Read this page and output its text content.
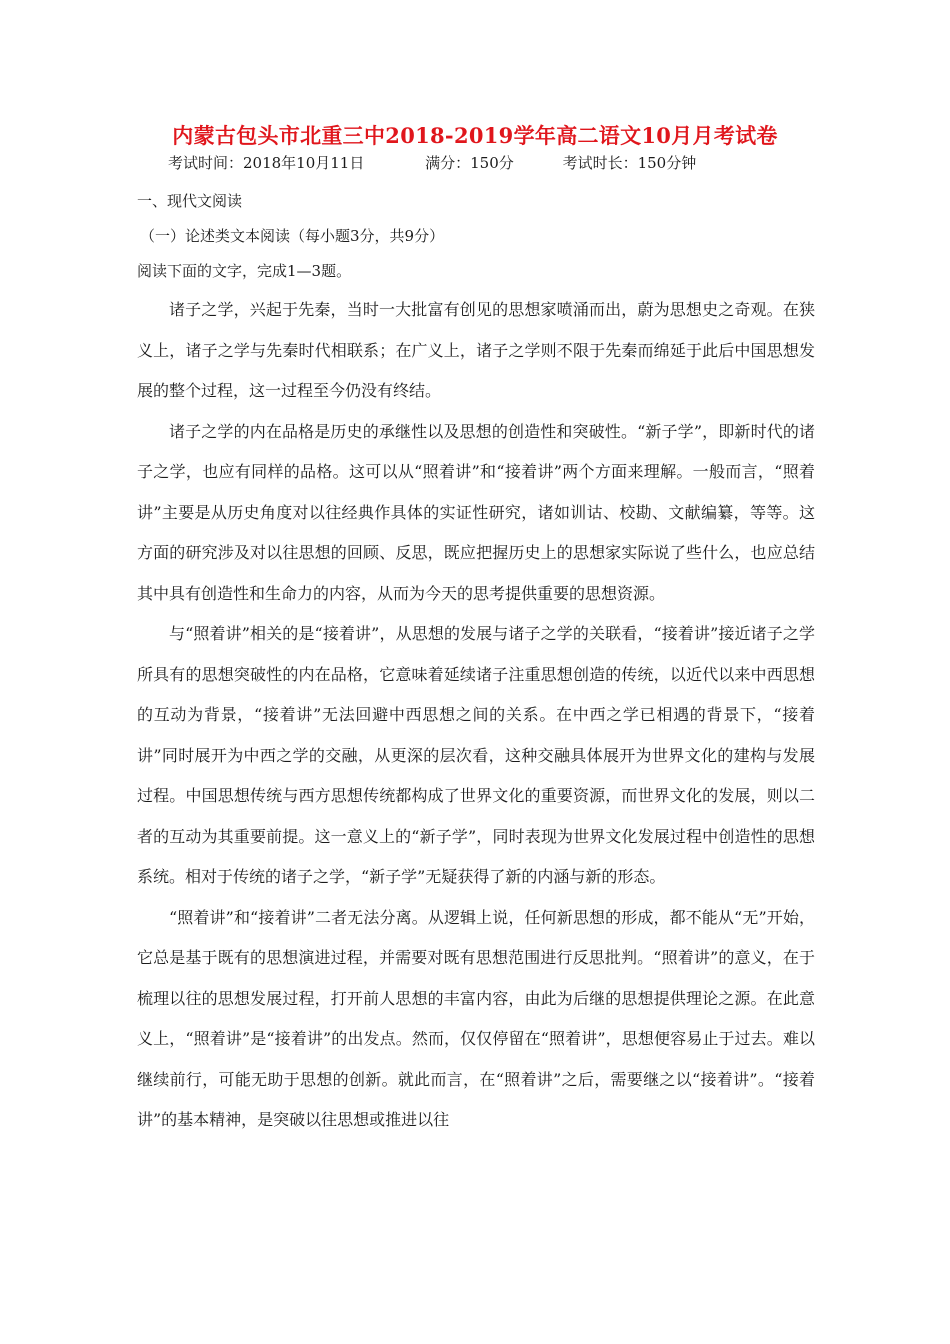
内蒙古包头市北重三中2018-2019学年高二语文10月月考试卷
考试时间：2018年10月11日	满分：150分	考试时长：150分钟
一、现代文阅读
（一）论述类文本阅读（每小题3分，共9分）
阅读下面的文字，完成1—3题。

诸子之学，兴起于先秦，当时一大批富有创见的思想家喷涌而出，蔚为思想史之奇观。在狭义上，诸子之学与先秦时代相联系；在广义上，诸子之学则不限于先秦而绵延于此后中国思想发展的整个过程，这一过程至今仍没有终结。

诸子之学的内在品格是历史的承继性以及思想的创造性和突破性。“新子学”，即新时代的诸子之学，也应有同样的品格。这可以从“照着讲”和“接着讲”两个方面来理解。一般而言，“照着讲”主要是从历史角度对以往经典作具体的实证性研究，诸如训诂、校勘、文献编纂，等等。这方面的研究涉及对以往思想的回顾、反思，既应把握历史上的思想家实际说了些什么，也应总结其中具有创造性和生命力的内容，从而为今天的思考提供重要的思想资源。

与“照着讲”相关的是“接着讲”，从思想的发展与诸子之学的关联看，“接着讲”接近诸子之学所具有的思想突破性的内在品格，它意味着延续诸子注重思想创造的传统，以近代以来中西思想的互动为背景，“接着讲”无法回避中西思想之间的关系。在中西之学已相遇的背景下，“接着讲”同时展开为中西之学的交融，从更深的层次看，这种交融具体展开为世界文化的建构与发展过程。中国思想传统与西方思想传统都构成了世界文化的重要资源，而世界文化的发展，则以二者的互动为其重要前提。这一意义上的“新子学”，同时表现为世界文化发展过程中创造性的思想系统。相对于传统的诸子之学，“新子学”无疑获得了新的内涵与新的形态。

“照着讲”和“接着讲”二者无法分离。从逻辑上说，任何新思想的形成，都不能从“无”开始，它总是基于既有的思想演进过程，并需要对既有思想范围进行反思批判。“照着讲”的意义，在于梳理以往的思想发展过程，打开前人思想的丰富内容，由此为后继的思想提供理论之源。在此意义上，“照着讲”是“接着讲”的出发点。然而，仅仅停留在“照着讲”，思想便容易止于过去。难以继续前行，可能无助于思想的创新。就此而言，在“照着讲”之后，需要继之以“接着讲”。“接着讲”的基本精神，是突破以往思想或推进以往
